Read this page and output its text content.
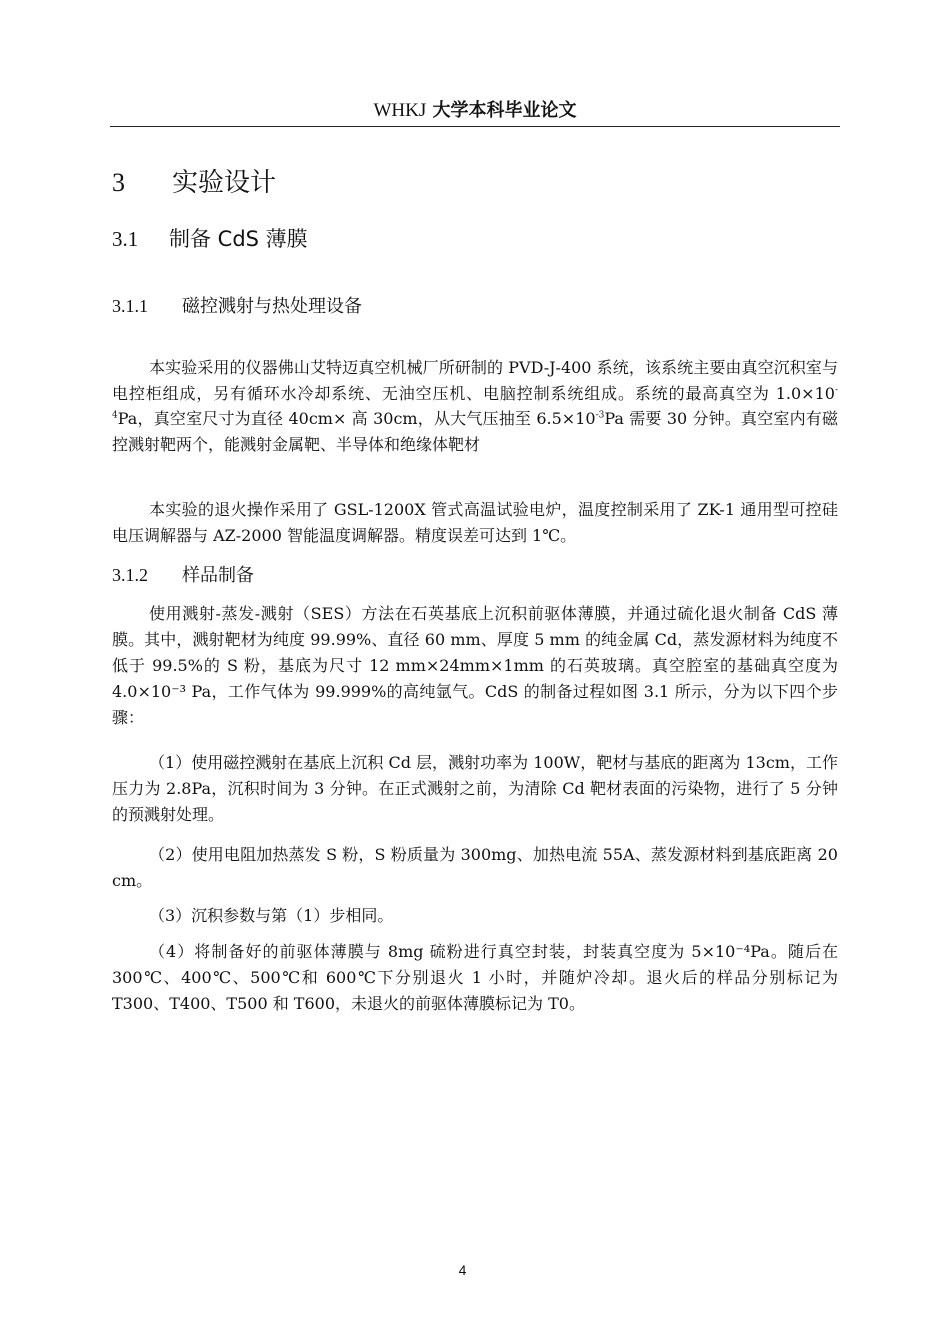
WHKJ 大学本科毕业论文
3 实验设计
3.1 制备 CdS 薄膜
3.1.1 磁控溅射与热处理设备
本实验采用的仪器佛山艾特迈真空机械厂所研制的 PVD-J-400 系统，该系统主要由真空沉积室与电控柜组成，另有循环水冷却系统、无油空压机、电脑控制系统组成。系统的最高真空为 $1.0\times 10^{-4}Pa$，真空室尺寸为直径 40cm× 高 30cm，从大气压抽至 $6.5\times 10^{-3}Pa$ 需要 30 分钟。真空室内有磁控溅射靶两个，能溅射金属靶、半导体和绝缘体靶材
本实验的退火操作采用了 GSL-1200X 管式高温试验电炉，温度控制采用了 ZK-1 通用型可控硅电压调解器与 AZ-2000 智能温度调解器。精度误差可达到 1℃。
3.1.2 样品制备
使用溅射-蒸发-溅射（SES）方法在石英基底上沉积前驱体薄膜，并通过硫化退火制备 CdS 薄膜。其中，溅射靶材为纯度 99.99%、直径 60 mm、厚度 5 mm 的纯金属 Cd，蒸发源材料为纯度不低于 99.5%的 S 粉，基底为尺寸 12 mm×24mm×1mm 的石英玻璃。真空腔室的基础真空度为 4.0×10⁻³ Pa，工作气体为 99.999%的高纯氩气。CdS 的制备过程如图 3.1 所示，分为以下四个步骤：
（1）使用磁控溅射在基底上沉积 Cd 层，溅射功率为 100W，靶材与基底的距离为 13cm，工作压力为 2.8Pa，沉积时间为 3 分钟。在正式溅射之前，为清除 Cd 靶材表面的污染物，进行了 5 分钟的预溅射处理。
（2）使用电阻加热蒸发 S 粉，S 粉质量为 300mg、加热电流 55A、蒸发源材料到基底距离 20 cm。
（3）沉积参数与第（1）步相同。
（4）将制备好的前驱体薄膜与 8mg 硫粉进行真空封装，封装真空度为 5×10⁻⁴Pa。随后在 300℃、400℃、500℃和 600℃下分别退火 1 小时，并随炉冷却。退火后的样品分别标记为 T300、T400、T500 和 T600，未退火的前驱体薄膜标记为 T0。
4
